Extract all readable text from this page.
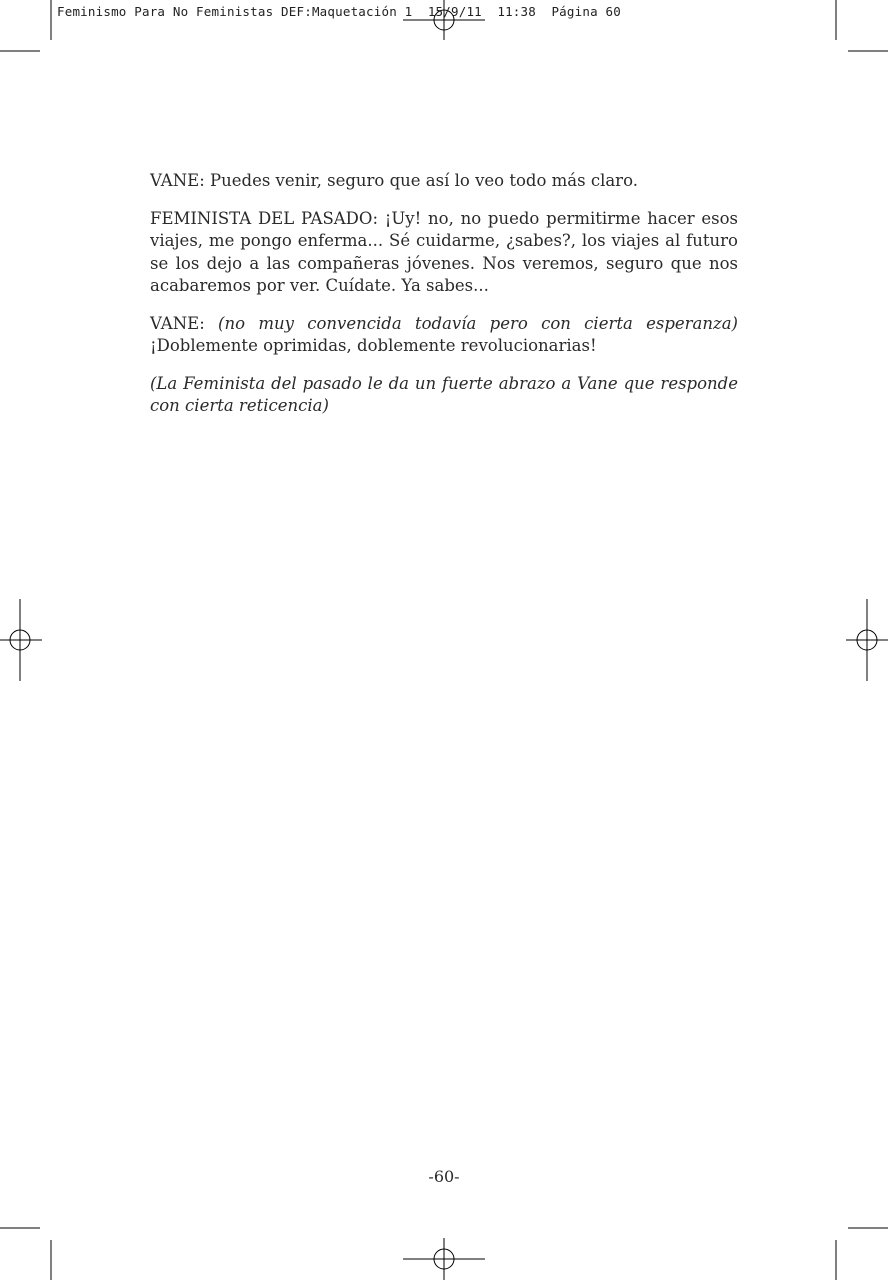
Feminismo Para No Feministas DEF:Maquetación 1  15/9/11  11:38  Página 60

VANE: Puedes venir, seguro que así lo veo todo más claro.

FEMINISTA DEL PASADO: ¡Uy! no, no puedo permitirme hacer esos viajes, me pongo enferma... Sé cuidarme, ¿sabes?, los viajes al futuro se los dejo a las compañeras jóvenes. Nos veremos, seguro que nos acabaremos por ver. Cuídate. Ya sabes...

VANE: (no muy convencida todavía pero con cierta esperanza) ¡Doblemente oprimidas, doblemente revolucionarias!

(La Feminista del pasado le da un fuerte abrazo a Vane que responde con cierta reticencia)

-60-
